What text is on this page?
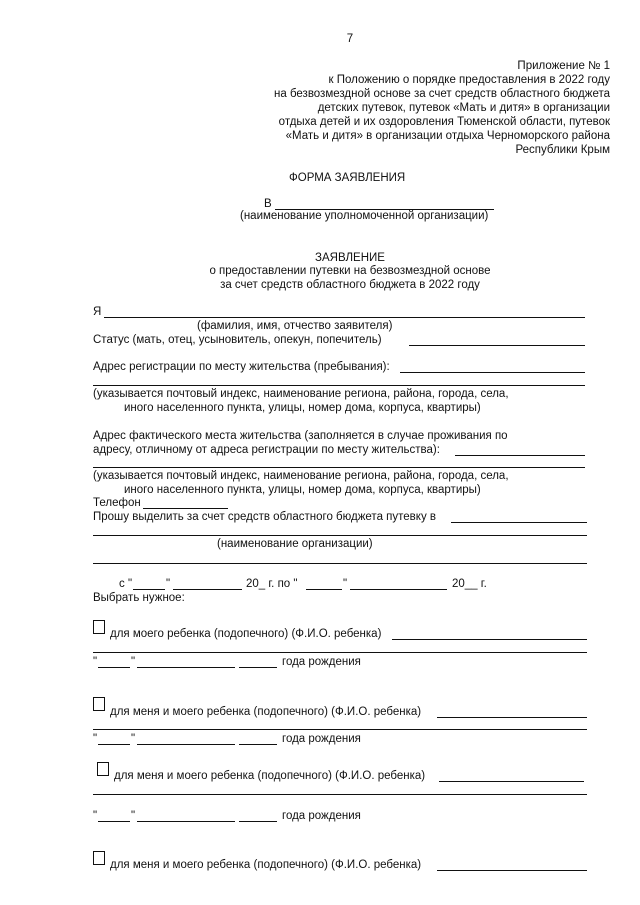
7
Приложение № 1
к Положению о порядке предоставления в 2022 году
на безвозмездной основе за счет средств областного бюджета
детских путевок, путевок «Мать и дитя» в организации
отдыха детей и их оздоровления Тюменской области, путевок
«Мать и дитя» в организации отдыха Черноморского района
Республики Крым
ФОРМА ЗАЯВЛЕНИЯ
В
(наименование уполномоченной организации)
ЗАЯВЛЕНИЕ
о предоставлении путевки на безвозмездной основе
за счет средств областного бюджета в 2022 году
Я
(фамилия, имя, отчество заявителя)
Статус (мать, отец, усыновитель, опекун, попечитель)
Адрес регистрации по месту жительства (пребывания):
(указывается почтовый индекс, наименование региона, района, города, села,
иного населенного пункта, улицы, номер дома, корпуса, квартиры)
Адрес фактического места жительства (заполняется в случае проживания по
адресу, отличному от адреса регистрации по месту жительства):
(указывается почтовый индекс, наименование региона, района, города, села,
иного населенного пункта, улицы, номер дома, корпуса, квартиры)
Телефон
Прошу выделить за счет средств областного бюджета путевку в
(наименование организации)
с "	"	20_ г. по "	"	20__ г.
Выбрать нужное:
для моего ребенка (подопечного) (Ф.И.О. ребенка)
"	"	года рождения
для меня и моего ребенка (подопечного) (Ф.И.О. ребенка)
"	"	года рождения
для меня и моего ребенка (подопечного) (Ф.И.О. ребенка)
"	"	года рождения
для меня и моего ребенка (подопечного) (Ф.И.О. ребенка)
